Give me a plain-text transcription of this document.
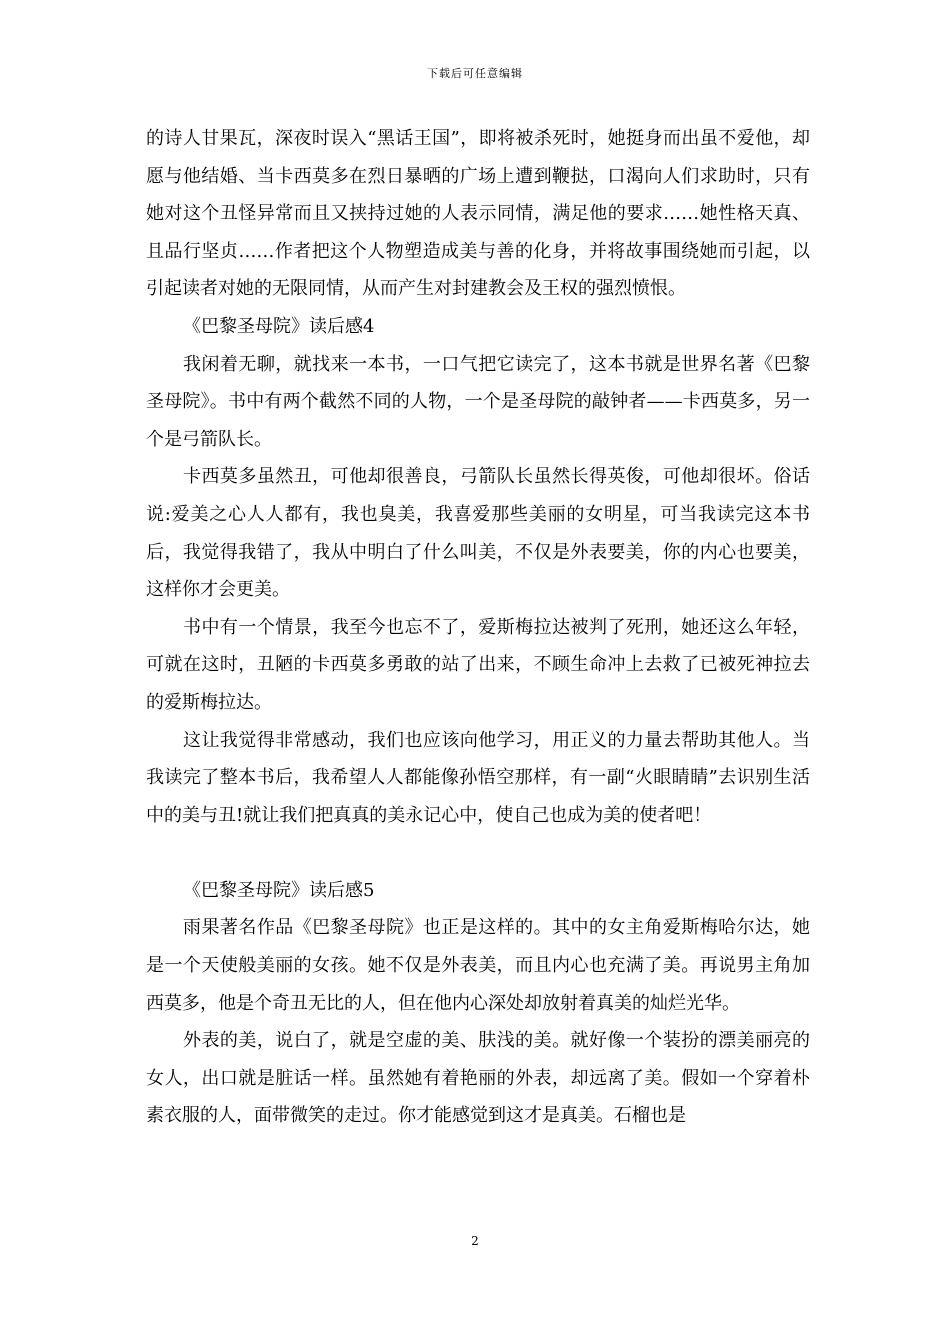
下载后可任意编辑

的诗人甘果瓦，深夜时误入“黑话王国”，即将被杀死时，她挺身而出虽不爱他，却愿与他结婚、当卡西莫多在烈日暴晒的广场上遭到鞭挞，口渴向人们求助时，只有她对这个丑怪异常而且又挟持过她的人表示同情，满足他的要求……她性格天真、且品行坚贞……作者把这个人物塑造成美与善的化身，并将故事围绕她而引起，以引起读者对她的无限同情，从而产生对封建教会及王权的强烈愤恨。

《巴黎圣母院》读后感4

我闲着无聊，就找来一本书，一口气把它读完了，这本书就是世界名著《巴黎圣母院》。书中有两个截然不同的人物，一个是圣母院的敲钟者——卡西莫多，另一个是弓箭队长。

卡西莫多虽然丑，可他却很善良，弓箭队长虽然长得英俊，可他却很坏。俗话说:爱美之心人人都有，我也臭美，我喜爱那些美丽的女明星，可当我读完这本书后，我觉得我错了，我从中明白了什么叫美，不仅是外表要美，你的内心也要美，这样你才会更美。

书中有一个情景，我至今也忘不了，爱斯梅拉达被判了死刑，她还这么年轻，可就在这时，丑陋的卡西莫多勇敢的站了出来，不顾生命冲上去救了已被死神拉去的爱斯梅拉达。

这让我觉得非常感动，我们也应该向他学习，用正义的力量去帮助其他人。当我读完了整本书后，我希望人人都能像孙悟空那样，有一副“火眼睛睛”去识别生活中的美与丑!就让我们把真真的美永记心中，使自己也成为美的使者吧！

《巴黎圣母院》读后感5

雨果著名作品《巴黎圣母院》也正是这样的。其中的女主角爱斯梅哈尔达，她是一个天使般美丽的女孩。她不仅是外表美，而且内心也充满了美。再说男主角加西莫多，他是个奇丑无比的人，但在他内心深处却放射着真美的灿烂光华。

外表的美，说白了，就是空虚的美、肤浅的美。就好像一个装扮的漂美丽亮的女人，出口就是脏话一样。虽然她有着艳丽的外表，却远离了美。假如一个穿着朴素衣服的人，面带微笑的走过。你才能感觉到这才是真美。石榴也是

2
